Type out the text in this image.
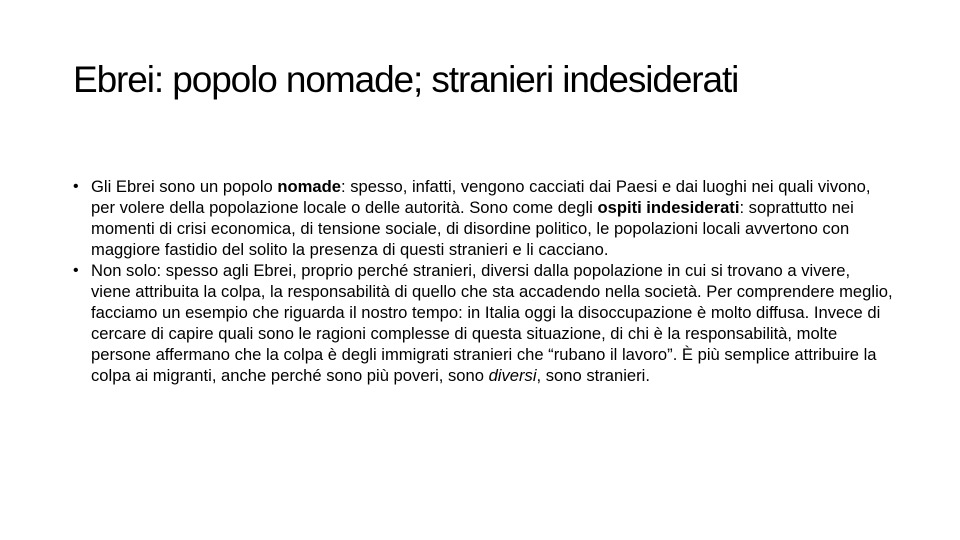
Ebrei: popolo nomade; stranieri indesiderati
• Gli Ebrei sono un popolo nomade: spesso, infatti, vengono cacciati dai Paesi e dai luoghi nei quali vivono, per volere della popolazione locale o delle autorità. Sono come degli ospiti indesiderati: soprattutto nei momenti di crisi economica, di tensione sociale, di disordine politico, le popolazioni locali avvertono con maggiore fastidio del solito la presenza di questi stranieri e li cacciano.

• Non solo: spesso agli Ebrei, proprio perché stranieri, diversi dalla popolazione in cui si trovano a vivere, viene attribuita la colpa, la responsabilità di quello che sta accadendo nella società. Per comprendere meglio, facciamo un esempio che riguarda il nostro tempo: in Italia oggi la disoccupazione è molto diffusa. Invece di cercare di capire quali sono le ragioni complesse di questa situazione, di chi è la responsabilità, molte persone affermano che la colpa è degli immigrati stranieri che “rubano il lavoro”. È più semplice attribuire la colpa ai migranti, anche perché sono più poveri, sono diversi, sono stranieri.
